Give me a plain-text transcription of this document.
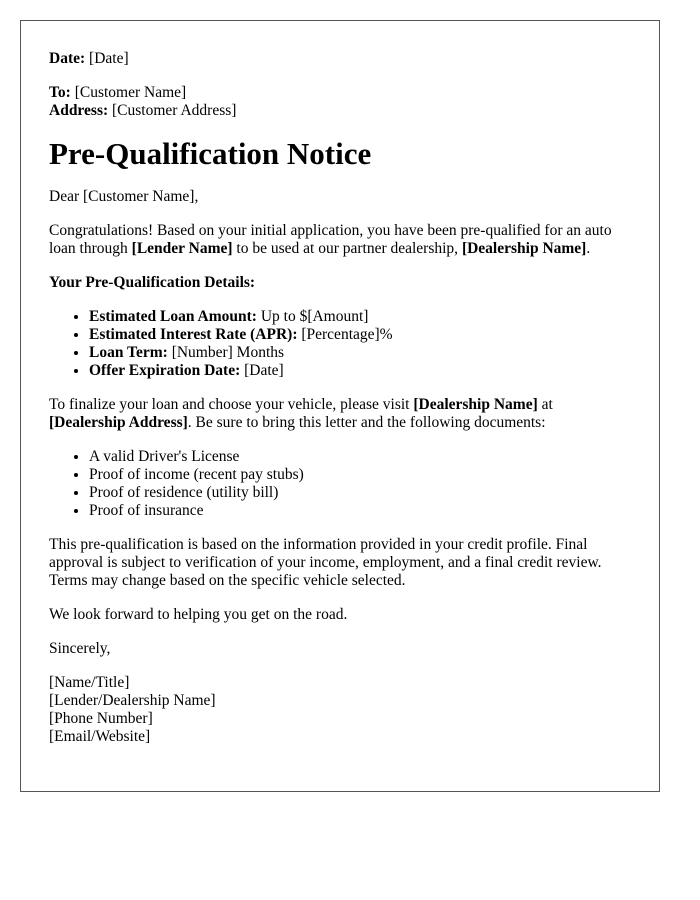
Date: [Date]

To: [Customer Name]

Address: [Customer Address]

Pre-Qualification Notice

Dear [Customer Name],

Congratulations! Based on your initial application, you have been pre-qualified for an auto loan through [Lender Name] to be used at our partner dealership, [Dealership Name].

Your Pre-Qualification Details:

• Estimated Loan Amount: Up to $[Amount]
• Estimated Interest Rate (APR): [Percentage]%
• Loan Term: [Number] Months
• Offer Expiration Date: [Date]

To finalize your loan and choose your vehicle, please visit [Dealership Name] at [Dealership Address]. Be sure to bring this letter and the following documents:

• A valid Driver's License
• Proof of income (recent pay stubs)
• Proof of residence (utility bill)
• Proof of insurance

This pre-qualification is based on the information provided in your credit profile. Final approval is subject to verification of your income, employment, and a final credit review. Terms may change based on the specific vehicle selected.

We look forward to helping you get on the road.

Sincerely,

[Name/Title]
[Lender/Dealership Name]
[Phone Number]
[Email/Website]
